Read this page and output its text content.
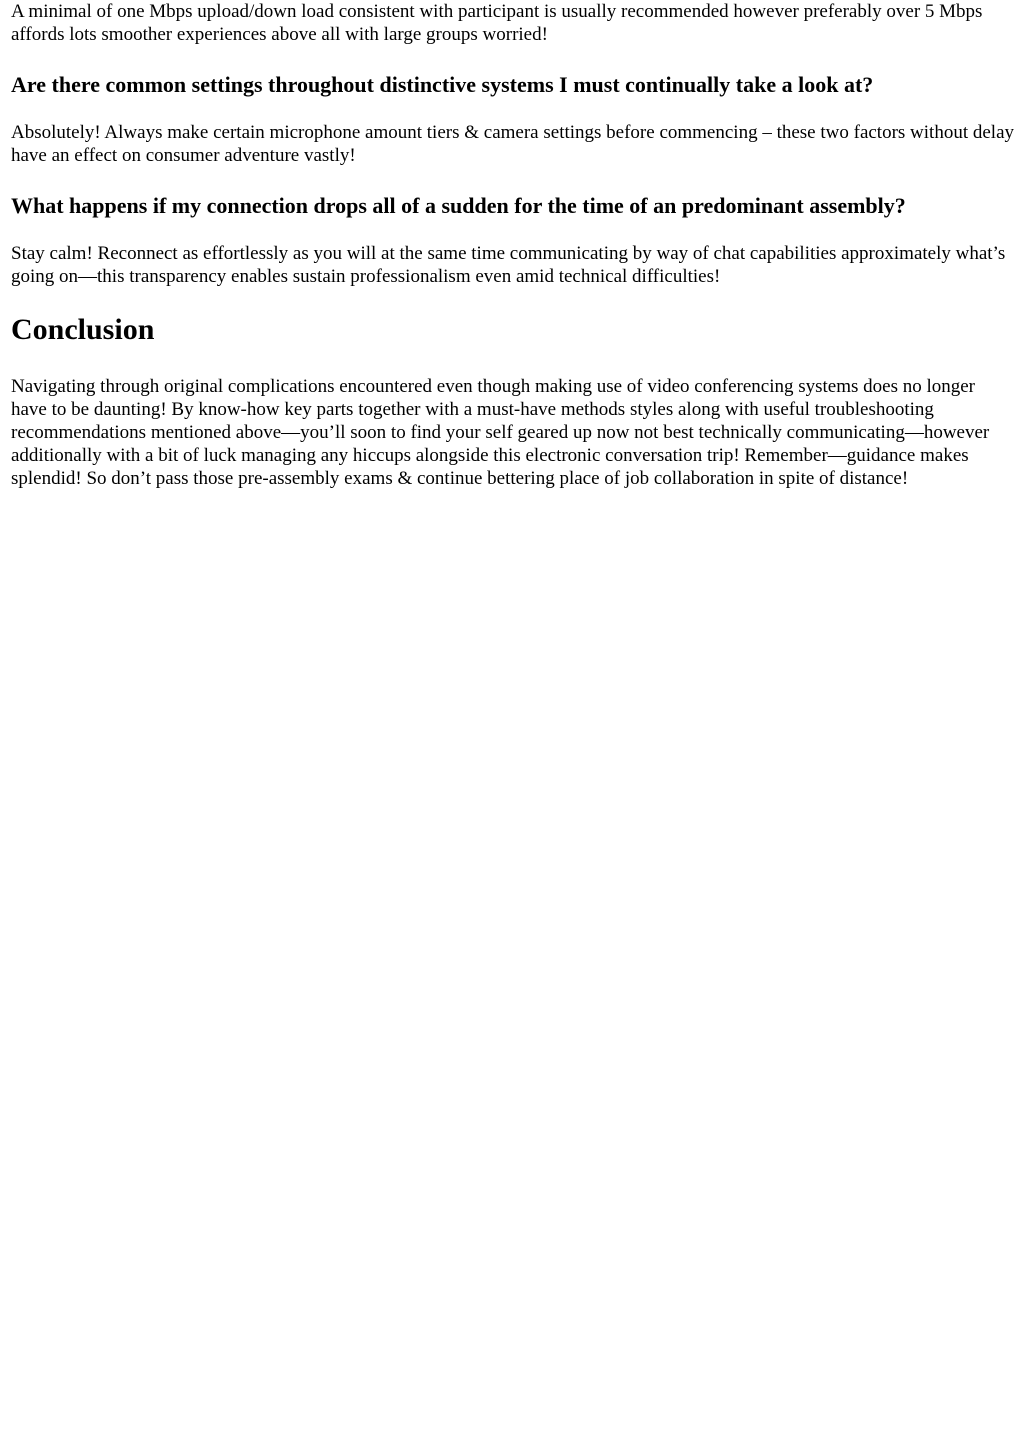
A minimal of one Mbps upload/down load consistent with participant is usually recommended however preferably over 5 Mbps affords lots smoother experiences above all with large groups worried!

Are there common settings throughout distinctive systems I must continually take a look at?

Absolutely! Always make certain microphone amount tiers & camera settings before commencing – these two factors without delay have an effect on consumer adventure vastly!

What happens if my connection drops all of a sudden for the time of an predominant assembly?

Stay calm! Reconnect as effortlessly as you will at the same time communicating by way of chat capabilities approximately what’s going on—this transparency enables sustain professionalism even amid technical difficulties!

Conclusion

Navigating through original complications encountered even though making use of video conferencing systems does no longer have to be daunting! By know-how key parts together with a must-have methods styles along with useful troubleshooting recommendations mentioned above—you’ll soon to find your self geared up now not best technically communicating—however additionally with a bit of luck managing any hiccups alongside this electronic conversation trip! Remember—guidance makes splendid! So don’t pass those pre-assembly exams & continue bettering place of job collaboration in spite of distance!
